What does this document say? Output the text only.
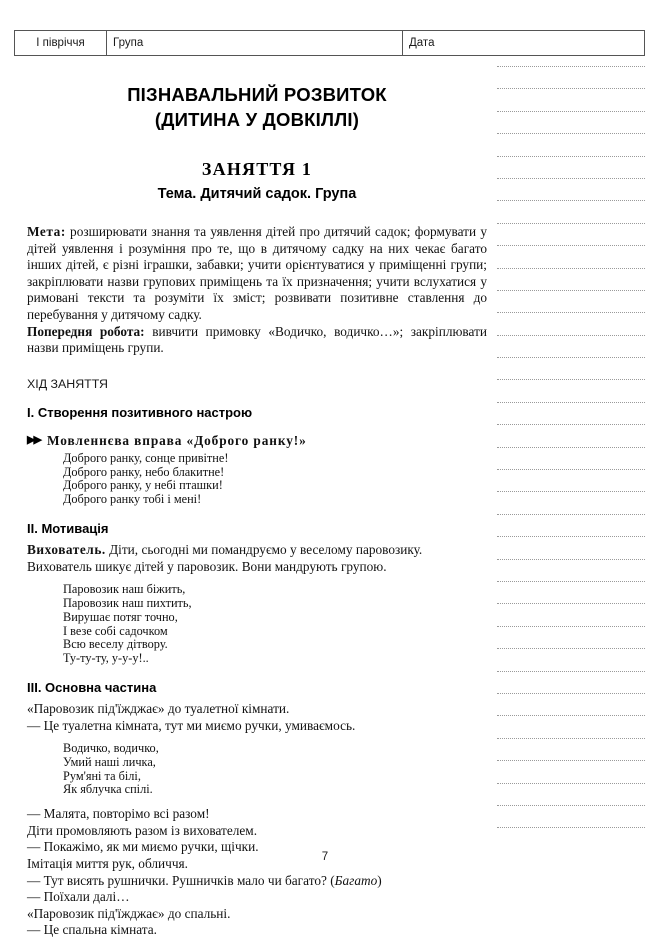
I півріччя	Група	Дата
ПІЗНАВАЛЬНИЙ РОЗВИТОК
(ДИТИНА У ДОВКІЛЛІ)
ЗАНЯТТЯ 1
Тема. Дитячий садок. Група

Мета: розширювати знання та уявлення дітей про дитячий садок; формувати у дітей уявлення і розуміння про те, що в дитячому садку на них чекає багато інших дітей, є різні іграшки, забавки; учити орієнтуватися у приміщенні групи; закріплювати назви групових приміщень та їх призначення; учити вслухатися у римовані тексти та розуміти їх зміст; розвивати позитивне ставлення до перебування у дитячому садку.

Попередня робота: вивчити примовку «Водичко, водичко…»; закріплювати назви приміщень групи.

ХІД ЗАНЯТТЯ
I. Створення позитивного настрою
▶▶ Мовленнєва вправа «Доброго ранку!»
Доброго ранку, сонце привітне!
Доброго ранку, небо блакитне!
Доброго ранку, у небі пташки!
Доброго ранку тобі і мені!
II. Мотивація

Вихователь. Діти, сьогодні ми помандруємо у веселому паровозику.

Вихователь шикує дітей у паровозик. Вони мандрують групою.

Паровозик наш біжить,
Паровозик наш пихтить,
Вирушає потяг точно,
І везе собі садочком
Всю веселу дітвору.
Ту-ту-ту, у-у-у!..
III. Основна частина

«Паровозик під'їжджає» до туалетної кімнати.

— Це туалетна кімната, тут ми миємо ручки, умиваємось.

Водичко, водичко,
Умий наші личка,
Рум'яні та білі,
Як яблучка спілі.

— Малята, повторімо всі разом!

Діти промовляють разом із вихователем.

— Покажімо, як ми миємо ручки, щічки.

Імітація миття рук, обличчя.

— Тут висять рушнички. Рушничків мало чи багато? (Багато)

— Поїхали далі…

«Паровозик під'їжджає» до спальні.

— Це спальна кімната.

7
